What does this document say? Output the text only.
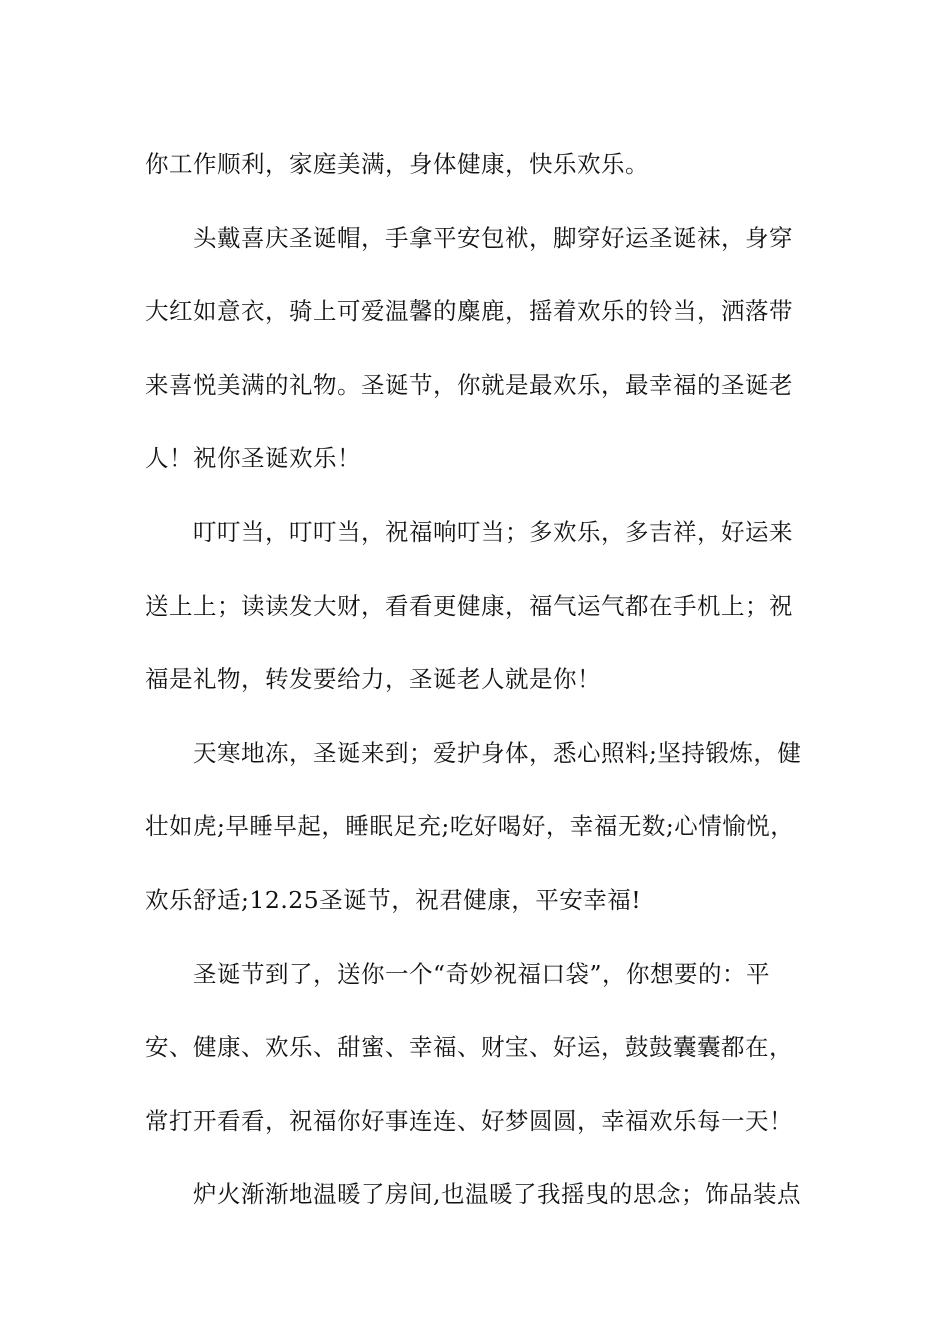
你工作顺利，家庭美满，身体健康，快乐欢乐。
头戴喜庆圣诞帽，手拿平安包袱，脚穿好运圣诞袜，身穿
大红如意衣，骑上可爱温馨的麋鹿，摇着欢乐的铃当，洒落带
来喜悦美满的礼物。圣诞节，你就是最欢乐，最幸福的圣诞老
人！祝你圣诞欢乐！
叮叮当，叮叮当，祝福响叮当；多欢乐，多吉祥，好运来
送上上；读读发大财，看看更健康，福气运气都在手机上；祝
福是礼物，转发要给力，圣诞老人就是你！
天寒地冻，圣诞来到；爱护身体，悉心照料;坚持锻炼，健
壮如虎;早睡早起，睡眠足充;吃好喝好，幸福无数;心情愉悦，
欢乐舒适;12.25圣诞节，祝君健康，平安幸福!
圣诞节到了，送你一个“奇妙祝福口袋”，你想要的：平
安、健康、欢乐、甜蜜、幸福、财宝、好运，鼓鼓囊囊都在，
常打开看看，祝福你好事连连、好梦圆圆，幸福欢乐每一天！
炉火渐渐地温暖了房间,也温暖了我摇曳的思念；饰品装点
